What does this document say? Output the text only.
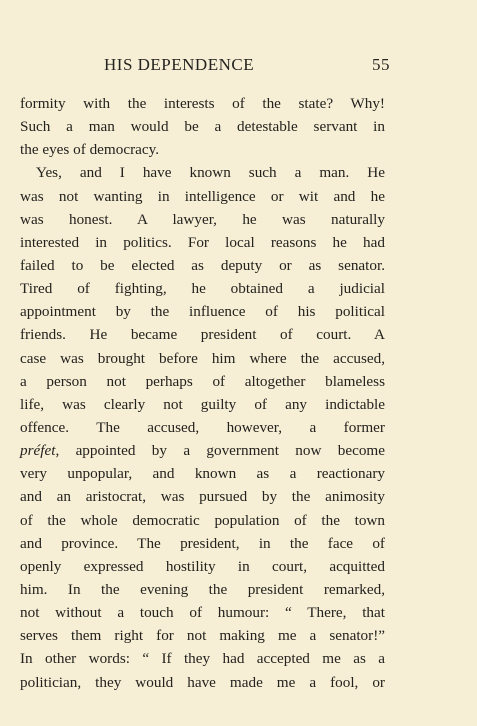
HIS DEPENDENCE	55
formity with the interests of the state? Why!
Such a man would be a detestable servant in
the eyes of democracy.
Yes, and I have known such a man. He
was not wanting in intelligence or wit and he
was honest. A lawyer, he was naturally
interested in politics. For local reasons he had
failed to be elected as deputy or as senator.
Tired of fighting, he obtained a judicial
appointment by the influence of his political
friends. He became president of court. A
case was brought before him where the accused,
a person not perhaps of altogether blameless
life, was clearly not guilty of any indictable
offence. The accused, however, a former
préfet, appointed by a government now become
very unpopular, and known as a reactionary
and an aristocrat, was pursued by the animosity
of the whole democratic population of the town
and province. The president, in the face of
openly expressed hostility in court, acquitted
him. In the evening the president remarked,
not without a touch of humour: “ There, that
serves them right for not making me a senator!”
In other words: “ If they had accepted me as a
politician, they would have made me a fool, or
